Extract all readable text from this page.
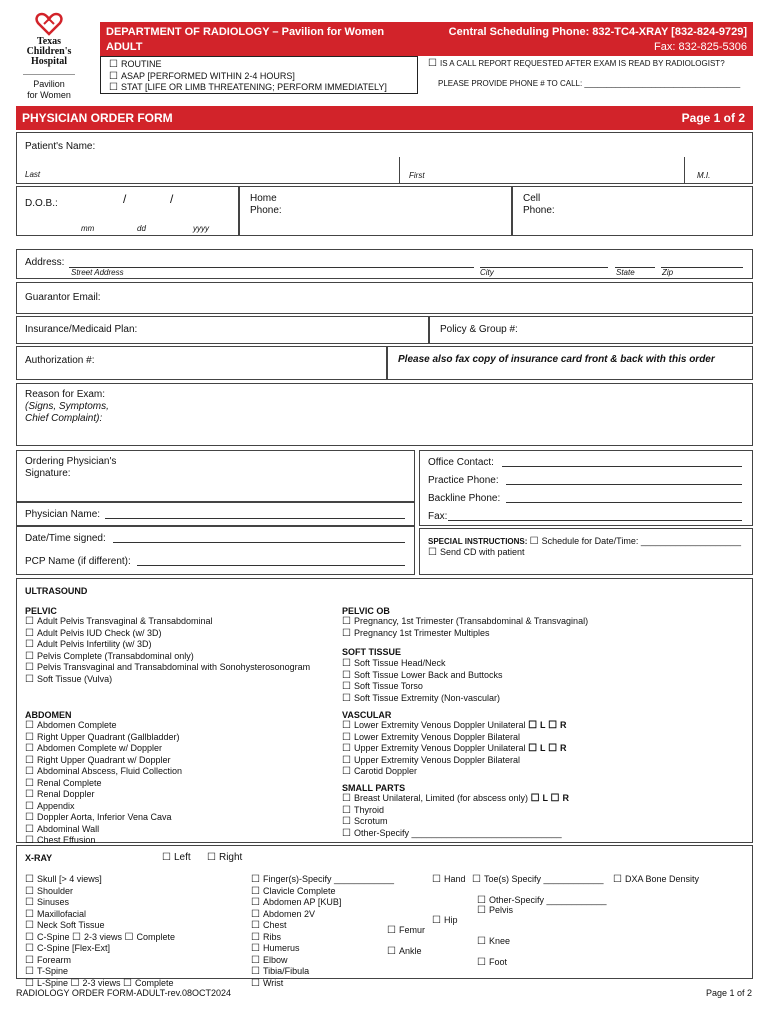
Texas Children's
Hospital
Pavilion
for Women
DEPARTMENT OF RADIOLOGY – Pavilion for Women
ADULT
Central Scheduling Phone: 832-TC4-XRAY [832-824-9729]
Fax: 832-825-5306
☐ ROUTINE
☐ ASAP [PERFORMED WITHIN 2-4 HOURS]
☐ STAT [LIFE OR LIMB THREATENING; PERFORM IMMEDIATELY]
☐ IS A CALL REPORT REQUESTED AFTER EXAM IS READ BY RADIOLOGIST?
PLEASE PROVIDE PHONE # TO CALL: ___________________________________
PHYSICIAN ORDER FORM	Page 1 of 2
Patient's Name:
Last	First	M.I.
D.O.B.:	/	/
mm	dd	yyyy
Home
Phone:
Cell
Phone:
Address:
Street Address	City	State	Zip
Guarantor Email:
Insurance/Medicaid Plan:	Policy & Group #:
Authorization #:	Please also fax copy of insurance card front & back with this order
Reason for Exam:
(Signs, Symptoms,
Chief Complaint):
Ordering Physician's
Signature:
Physician Name:
Date/Time signed:
PCP Name (if different):
Office Contact:
Practice Phone:
Backline Phone:
Fax:
SPECIAL INSTRUCTIONS: ☐ Schedule for Date/Time: ____________________
☐ Send CD with patient
ULTRASOUND
PELVIC
☐ Adult Pelvis Transvaginal & Transabdominal
☐ Adult Pelvis IUD Check (w/ 3D)
☐ Adult Pelvis Infertility (w/ 3D)
☐ Pelvis Complete (Transabdominal only)
☐ Pelvis Transvaginal and Transabdominal with Sonohysterosonogram
☐ Soft Tissue (Vulva)
PELVIC OB
☐ Pregnancy, 1st Trimester (Transabdominal & Transvaginal)
☐ Pregnancy 1st Trimester Multiples
SOFT TISSUE
☐ Soft Tissue Head/Neck
☐ Soft Tissue Lower Back and Buttocks
☐ Soft Tissue Torso
☐ Soft Tissue Extremity (Non-vascular)
ABDOMEN
☐ Abdomen Complete
☐ Right Upper Quadrant (Gallbladder)
☐ Abdomen Complete w/ Doppler
☐ Right Upper Quadrant w/ Doppler
☐ Abdominal Abscess, Fluid Collection
☐ Renal Complete
☐ Renal Doppler
☐ Appendix
☐ Doppler Aorta, Inferior Vena Cava
☐ Abdominal Wall
☐ Chest Effusion
VASCULAR
☐ Lower Extremity Venous Doppler Unilateral ☐ L ☐ R
☐ Lower Extremity Venous Doppler Bilateral
☐ Upper Extremity Venous Doppler Unilateral ☐ L ☐ R
☐ Upper Extremity Venous Doppler Bilateral
☐ Carotid Doppler
SMALL PARTS
☐ Breast Unilateral, Limited (for abscess only) ☐ L ☐ R
☐ Thyroid
☐ Scrotum
☐ Other-Specify ______________________________
X-RAY	☐ Left	☐ Right
☐ Skull [> 4 views]
☐ Shoulder
☐ Sinuses
☐ Maxillofacial
☐ Neck Soft Tissue
☐ C-Spine ☐ 2-3 views ☐ Complete
☐ C-Spine [Flex-Ext]
☐ Forearm
☐ T-Spine
☐ L-Spine ☐ 2-3 views ☐ Complete
☐ Finger(s)-Specify ____________
☐ Clavicle Complete
☐ Abdomen AP [KUB]
☐ Abdomen 2V
☐ Chest
☐ Ribs
☐ Humerus
☐ Elbow
☐ Tibia/Fibula
☐ Wrist
☐ Femur
☐ Ankle
☐ Hand	☐ Toe(s) Specify ____________
☐ Hip
☐ Other-Specify ____________
☐ Pelvis
☐ Knee
☐ Foot
☐ DXA Bone Density
RADIOLOGY ORDER FORM-ADULT-rev.08OCT2024	Page 1 of 2
